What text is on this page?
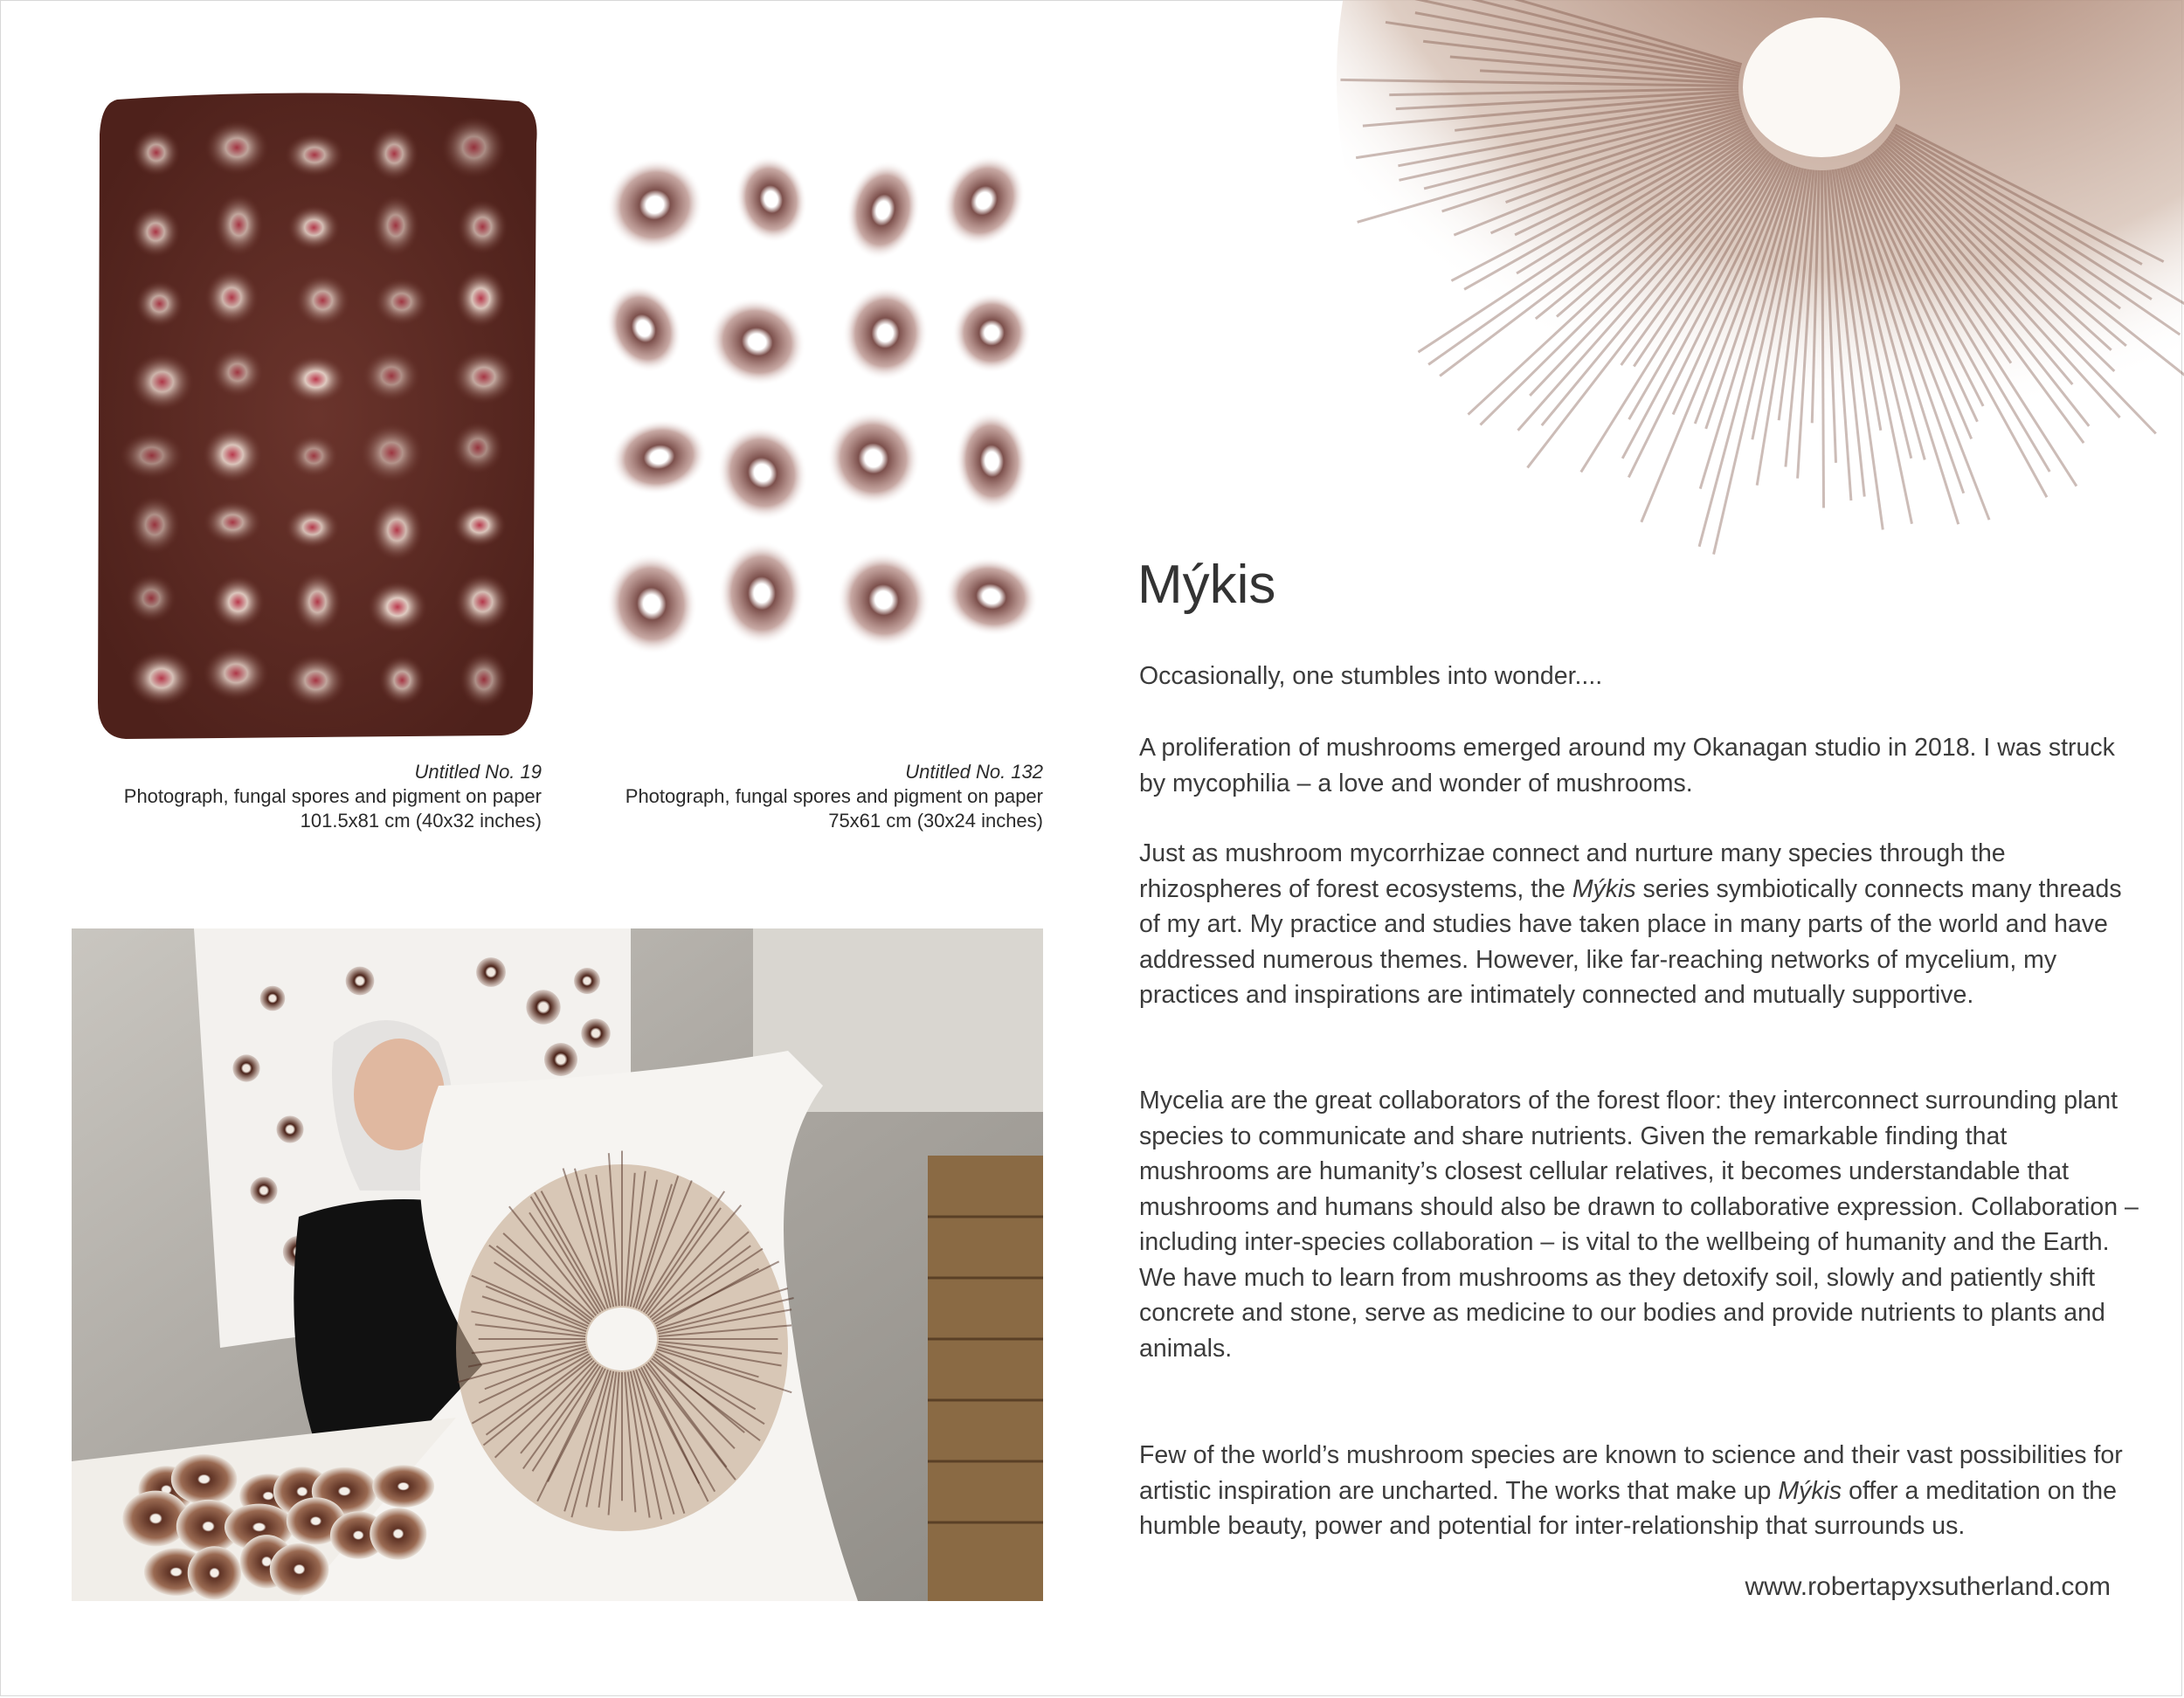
Untitled No. 19
Photograph, fungal spores and pigment on paper
101.5x81 cm (40x32 inches)
Untitled No. 132
Photograph, fungal spores and pigment on paper
75x61 cm (30x24 inches)
Mýkis

Occasionally, one stumbles into wonder....

A proliferation of mushrooms emerged around my Okanagan studio in 2018. I was struck by mycophilia – a love and wonder of mushrooms.

Just as mushroom mycorrhizae connect and nurture many species through the rhizospheres of forest ecosystems, the Mýkis series symbiotically connects many threads of my art. My practice and studies have taken place in many parts of the world and have addressed numerous themes. However, like far-reaching networks of mycelium, my practices and inspirations are intimately connected and mutually supportive.

Mycelia are the great collaborators of the forest floor: they interconnect surrounding plant species to communicate and share nutrients. Given the remarkable finding that mushrooms are humanity’s closest cellular relatives, it becomes understandable that mushrooms and humans should also be drawn to collaborative expression. Collaboration – including inter-species collaboration – is vital to the wellbeing of humanity and the Earth. We have much to learn from mushrooms as they detoxify soil, slowly and patiently shift concrete and stone, serve as medicine to our bodies and provide nutrients to plants and animals.

Few of the world’s mushroom species are known to science and their vast possibilities for artistic inspiration are uncharted. The works that make up Mýkis offer a meditation on the humble beauty, power and potential for inter-relationship that surrounds us.

www.robertapyxsutherland.com
